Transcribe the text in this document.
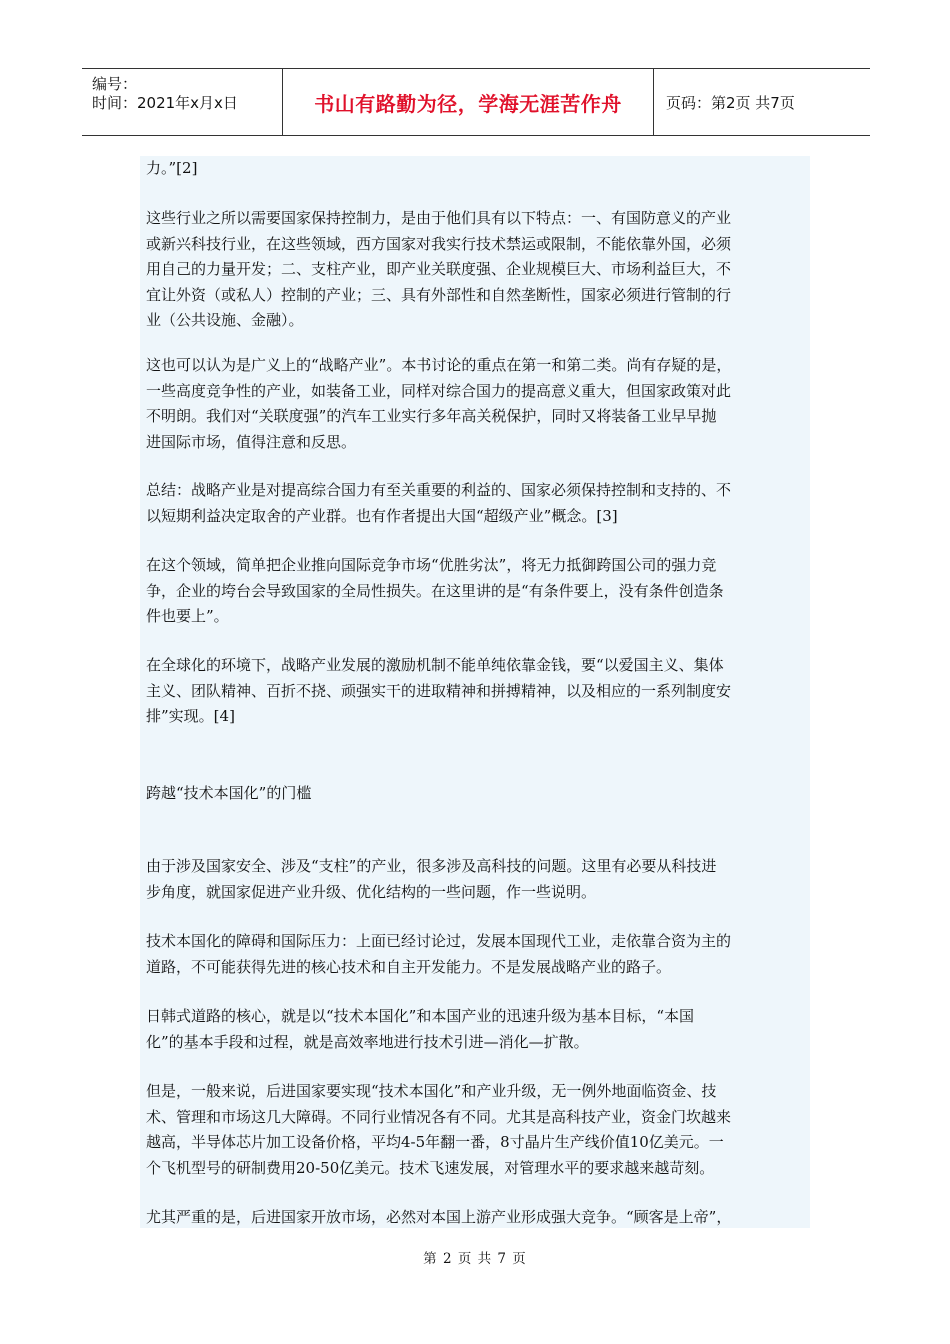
编号：
时间：2021年x月x日	书山有路勤为径，学海无涯苦作舟	页码：第2页 共7页
力。”[2]
这些行业之所以需要国家保持控制力，是由于他们具有以下特点：一、有国防意义的产业
或新兴科技行业，在这些领域，西方国家对我实行技术禁运或限制，不能依靠外国，必须
用自己的力量开发；二、支柱产业，即产业关联度强、企业规模巨大、市场利益巨大，不
宜让外资（或私人）控制的产业；三、具有外部性和自然垄断性，国家必须进行管制的行
业（公共设施、金融）。
这也可以认为是广义上的“战略产业”。本书讨论的重点在第一和第二类。尚有存疑的是，
一些高度竞争性的产业，如装备工业，同样对综合国力的提高意义重大，但国家政策对此
不明朗。我们对“关联度强”的汽车工业实行多年高关税保护，同时又将装备工业早早抛
进国际市场，值得注意和反思。
总结：战略产业是对提高综合国力有至关重要的利益的、国家必须保持控制和支持的、不
以短期利益决定取舍的产业群。也有作者提出大国“超级产业”概念。[3]
在这个领域，简单把企业推向国际竞争市场“优胜劣汰”，将无力抵御跨国公司的强力竞
争，企业的垮台会导致国家的全局性损失。在这里讲的是“有条件要上，没有条件创造条
件也要上”。
在全球化的环境下，战略产业发展的激励机制不能单纯依靠金钱，要“以爱国主义、集体
主义、团队精神、百折不挠、顽强实干的进取精神和拼搏精神，以及相应的一系列制度安
排”实现。[4]
跨越“技术本国化”的门槛
由于涉及国家安全、涉及“支柱”的产业，很多涉及高科技的问题。这里有必要从科技进
步角度，就国家促进产业升级、优化结构的一些问题，作一些说明。
技术本国化的障碍和国际压力：上面已经讨论过，发展本国现代工业，走依靠合资为主的
道路，不可能获得先进的核心技术和自主开发能力。不是发展战略产业的路子。
日韩式道路的核心，就是以“技术本国化”和本国产业的迅速升级为基本目标，“本国
化”的基本手段和过程，就是高效率地进行技术引进—消化—扩散。
但是，一般来说，后进国家要实现“技术本国化”和产业升级，无一例外地面临资金、技
术、管理和市场这几大障碍。不同行业情况各有不同。尤其是高科技产业，资金门坎越来
越高，半导体芯片加工设备价格，平均4-5年翻一番，8寸晶片生产线价值10亿美元。一
个飞机型号的研制费用20-50亿美元。技术飞速发展，对管理水平的要求越来越苛刻。
尤其严重的是，后进国家开放市场，必然对本国上游产业形成强大竞争。“顾客是上帝”，
第 2 页 共 7 页
